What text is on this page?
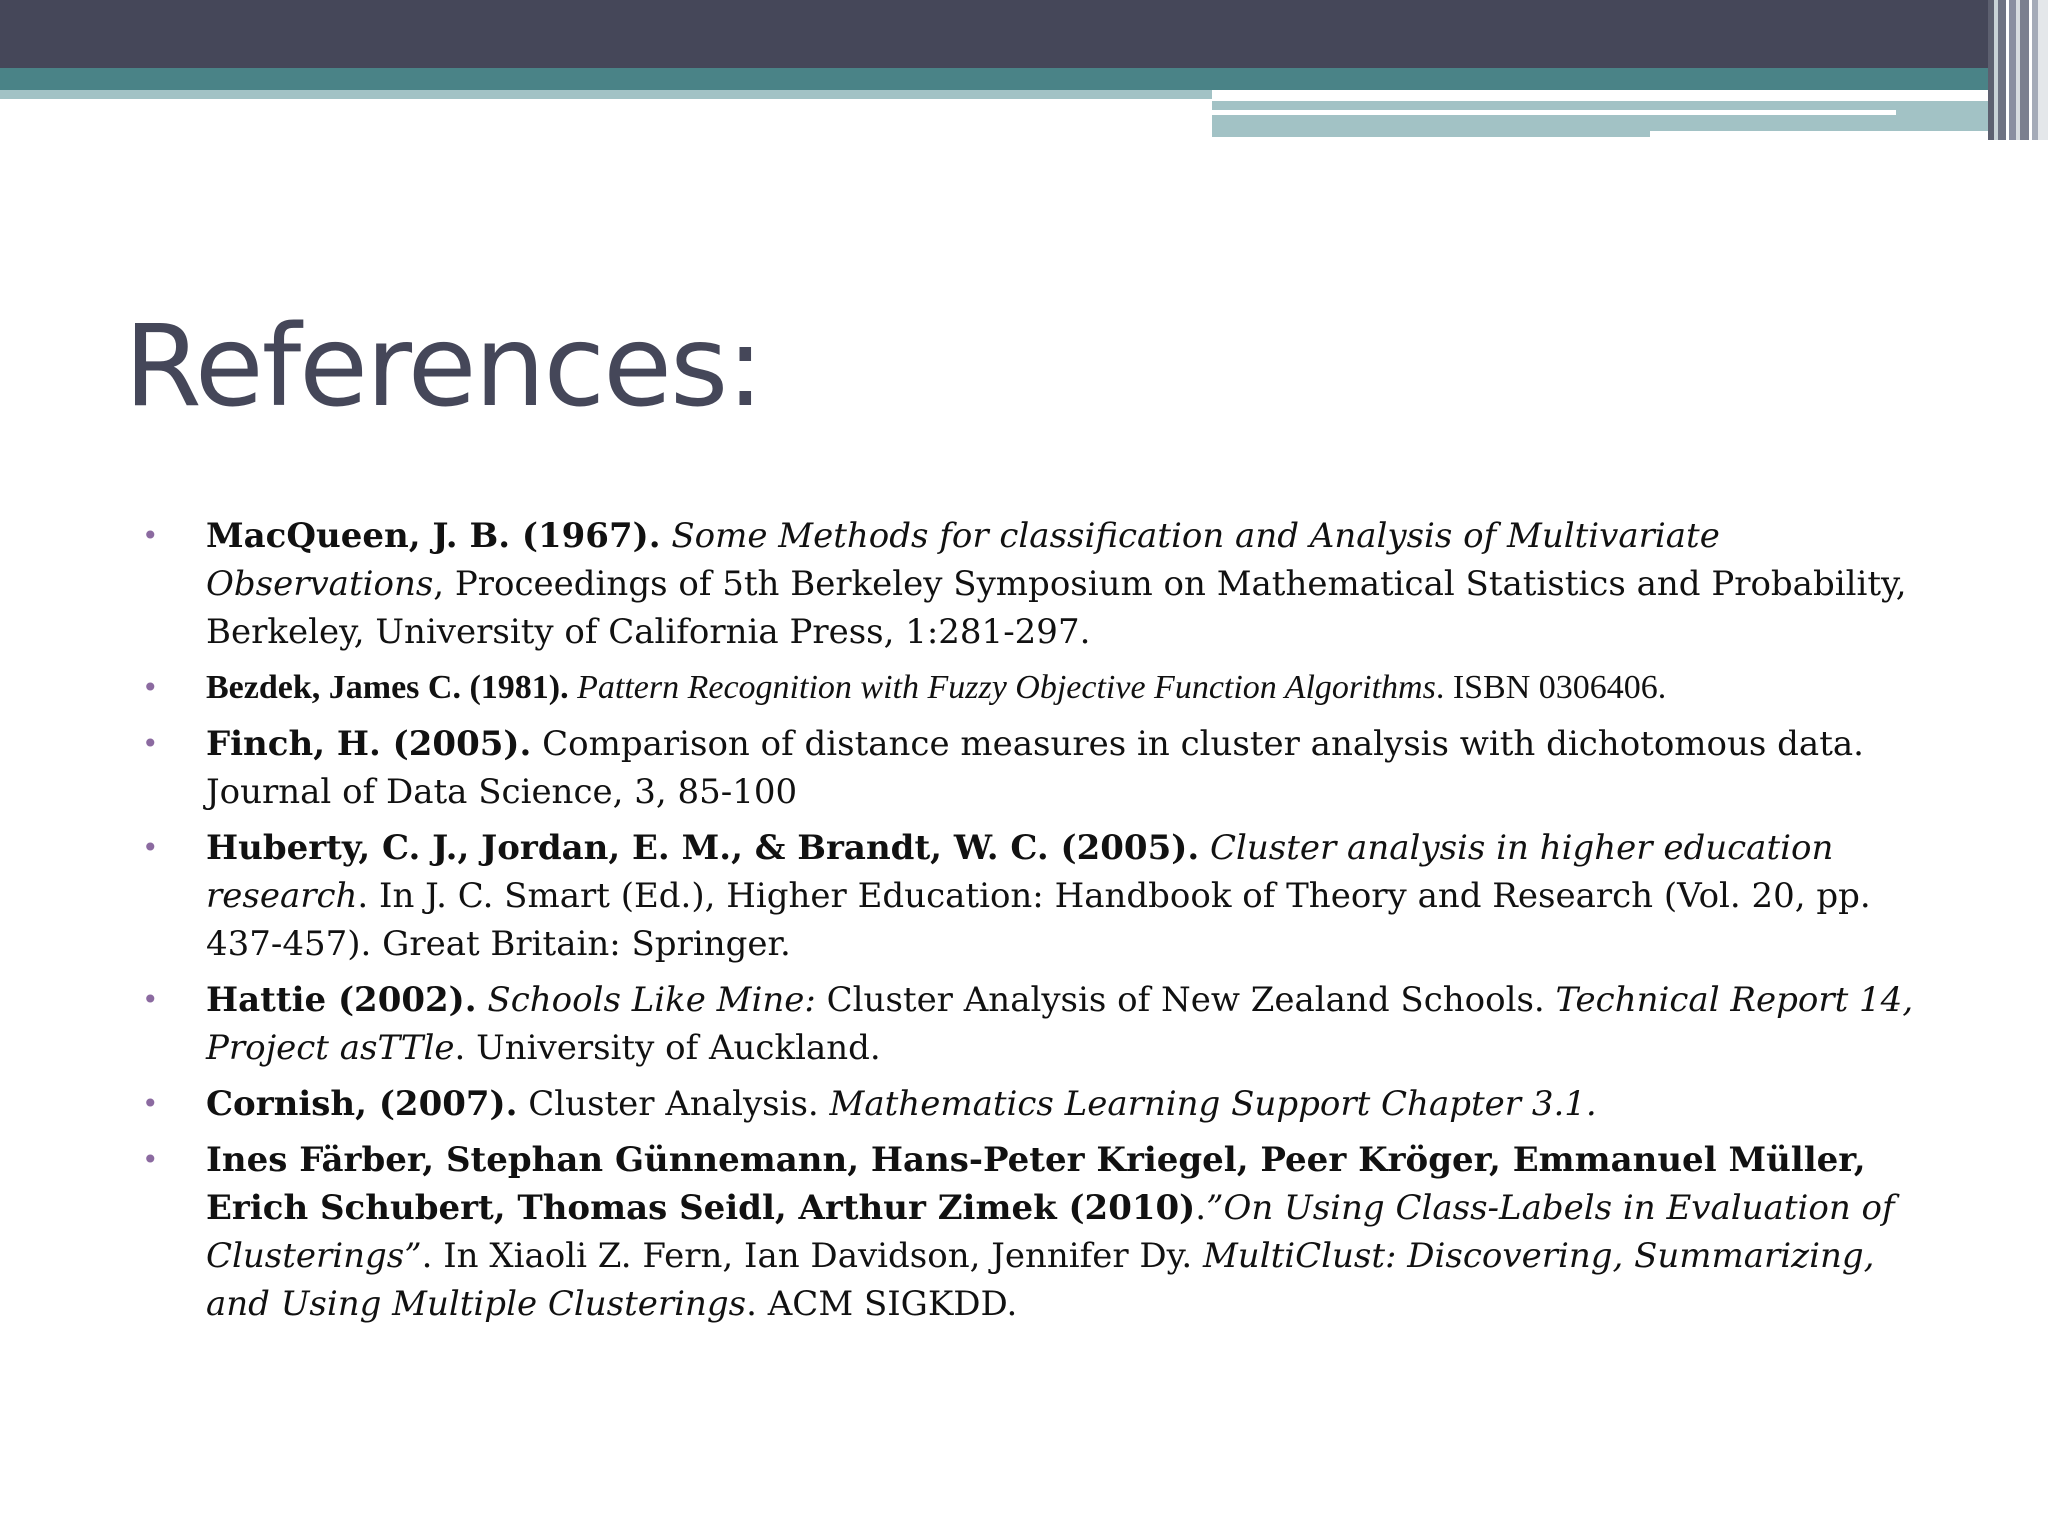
References:
• MacQueen, J. B. (1967). Some Methods for classification and Analysis of Multivariate Observations, Proceedings of 5th Berkeley Symposium on Mathematical Statistics and Probability, Berkeley, University of California Press, 1:281-297.
• Bezdek, James C. (1981). Pattern Recognition with Fuzzy Objective Function Algorithms. ISBN 0306406.
• Finch, H. (2005). Comparison of distance measures in cluster analysis with dichotomous data. Journal of Data Science, 3, 85-100
• Huberty, C. J., Jordan, E. M., & Brandt, W. C. (2005). Cluster analysis in higher education research. In J. C. Smart (Ed.), Higher Education: Handbook of Theory and Research (Vol. 20, pp. 437-457). Great Britain: Springer.
• Hattie (2002). Schools Like Mine: Cluster Analysis of New Zealand Schools. Technical Report 14, Project asTTle. University of Auckland.
• Cornish, (2007). Cluster Analysis. Mathematics Learning Support Chapter 3.1.
• Ines Färber, Stephan Günnemann, Hans-Peter Kriegel, Peer Kröger, Emmanuel Müller, Erich Schubert, Thomas Seidl, Arthur Zimek (2010).”On Using Class-Labels in Evaluation of Clusterings”. In Xiaoli Z. Fern, Ian Davidson, Jennifer Dy. MultiClust: Discovering, Summarizing, and Using Multiple Clusterings. ACM SIGKDD.
